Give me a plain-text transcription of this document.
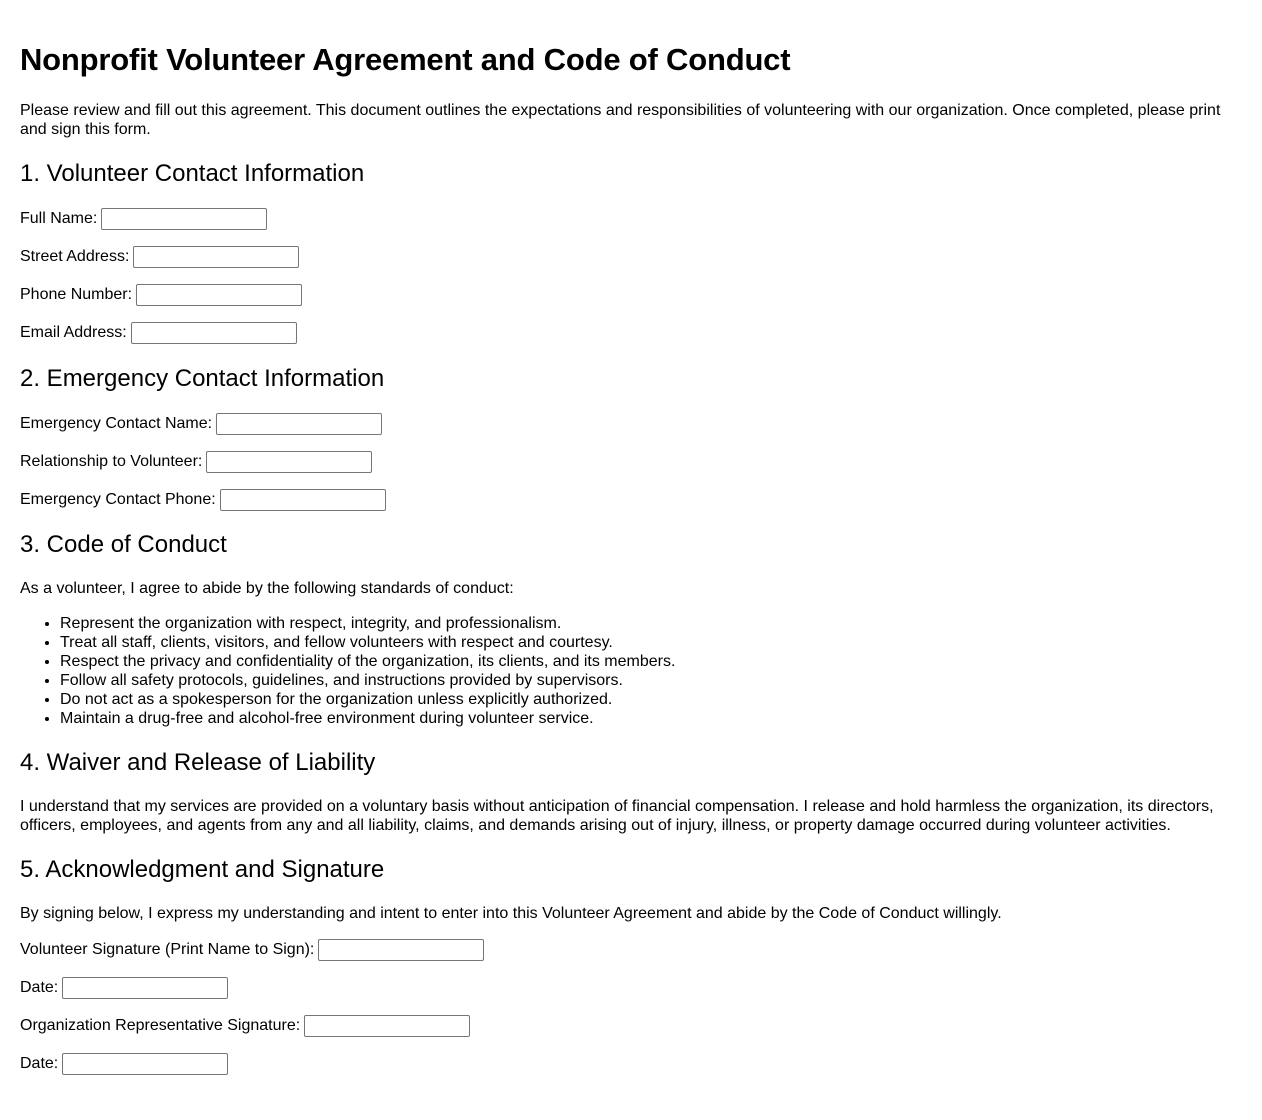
Nonprofit Volunteer Agreement and Code of Conduct

Please review and fill out this agreement. This document outlines the expectations and responsibilities of volunteering with our organization. Once completed, please print and sign this form.

1. Volunteer Contact Information
Full Name:
Street Address:
Phone Number:
Email Address:
2. Emergency Contact Information
Emergency Contact Name:
Relationship to Volunteer:
Emergency Contact Phone:
3. Code of Conduct

As a volunteer, I agree to abide by the following standards of conduct:

• Represent the organization with respect, integrity, and professionalism.
• Treat all staff, clients, visitors, and fellow volunteers with respect and courtesy.
• Respect the privacy and confidentiality of the organization, its clients, and its members.
• Follow all safety protocols, guidelines, and instructions provided by supervisors.
• Do not act as a spokesperson for the organization unless explicitly authorized.
• Maintain a drug-free and alcohol-free environment during volunteer service.
4. Waiver and Release of Liability

I understand that my services are provided on a voluntary basis without anticipation of financial compensation. I release and hold harmless the organization, its directors, officers, employees, and agents from any and all liability, claims, and demands arising out of injury, illness, or property damage occurred during volunteer activities.

5. Acknowledgment and Signature

By signing below, I express my understanding and intent to enter into this Volunteer Agreement and abide by the Code of Conduct willingly.

Volunteer Signature (Print Name to Sign):
Date:
Organization Representative Signature:
Date:
